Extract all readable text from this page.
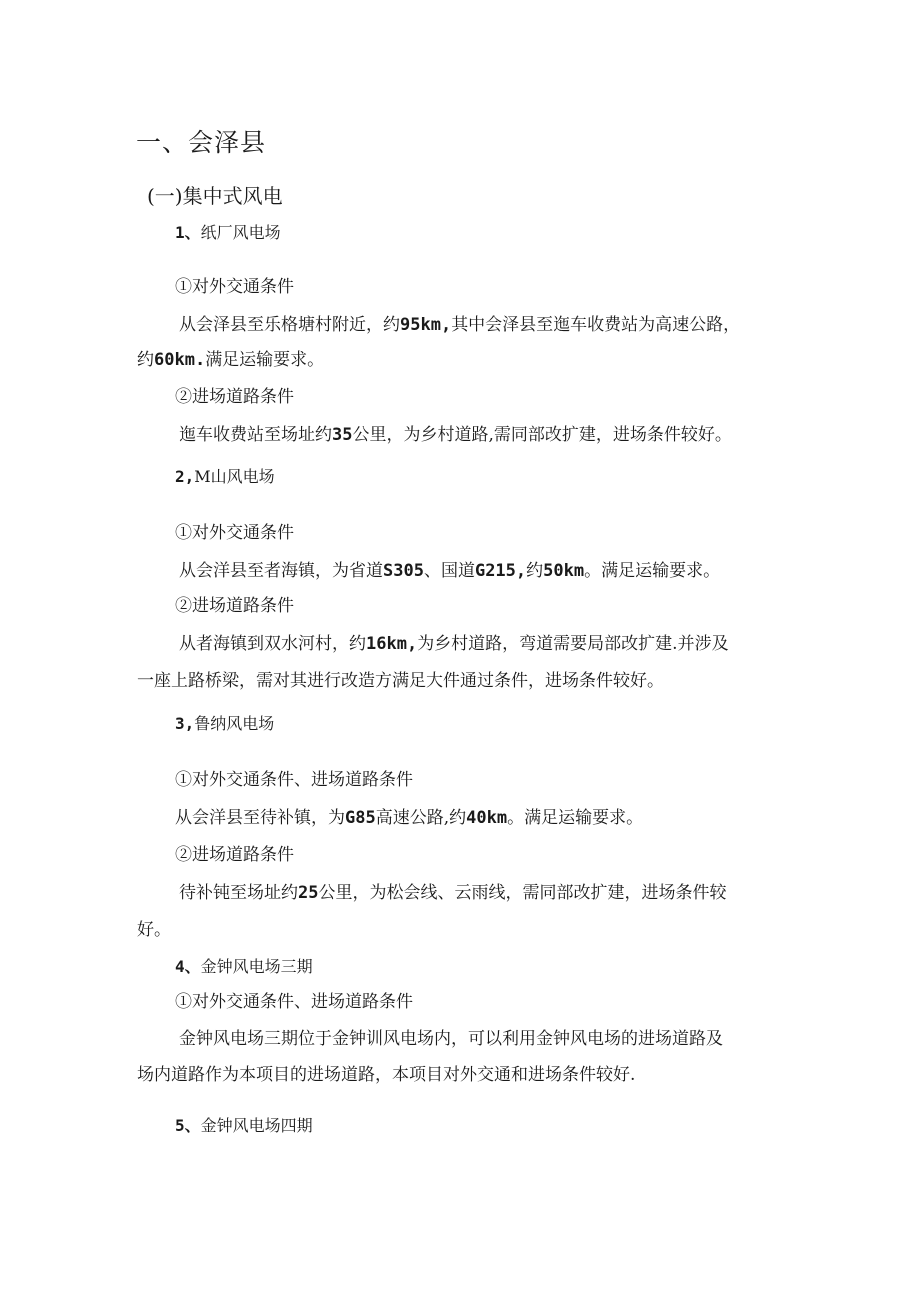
一、会泽县
(一)集中式风电
1、纸厂风电场
①对外交通条件
从会泽县至乐格塘村附近，约95km,其中会泽县至迤车收费站为高速公路，
约60km.满足运输要求。
②进场道路条件
迤车收费站至场址约35公里，为乡村道路,需同部改扩建，进场条件较好。
2,M山风电场
①对外交通条件
从会洋县至者海镇，为省道S305、国道G215,约50km。满足运输要求。
②进场道路条件
从者海镇到双水河村，约16km,为乡村道路，弯道需要局部改扩建.并涉及
一座上路桥梁，需对其进行改造方满足大件通过条件，进场条件较好。
3,鲁纳风电场
①对外交通条件、进场道路条件
从会洋县至待补镇，为G85高速公路,约40km。满足运输要求。
②进场道路条件
待补钝至场址约25公里，为松会线、云雨线，需同部改扩建，进场条件较
好。
4、金钟风电场三期
①对外交通条件、进场道路条件
金钟风电场三期位于金钟训风电场内，可以利用金钟风电场的进场道路及
场内道路作为本项目的进场道路，本项目对外交通和进场条件较好.
5、金钟风电场四期
